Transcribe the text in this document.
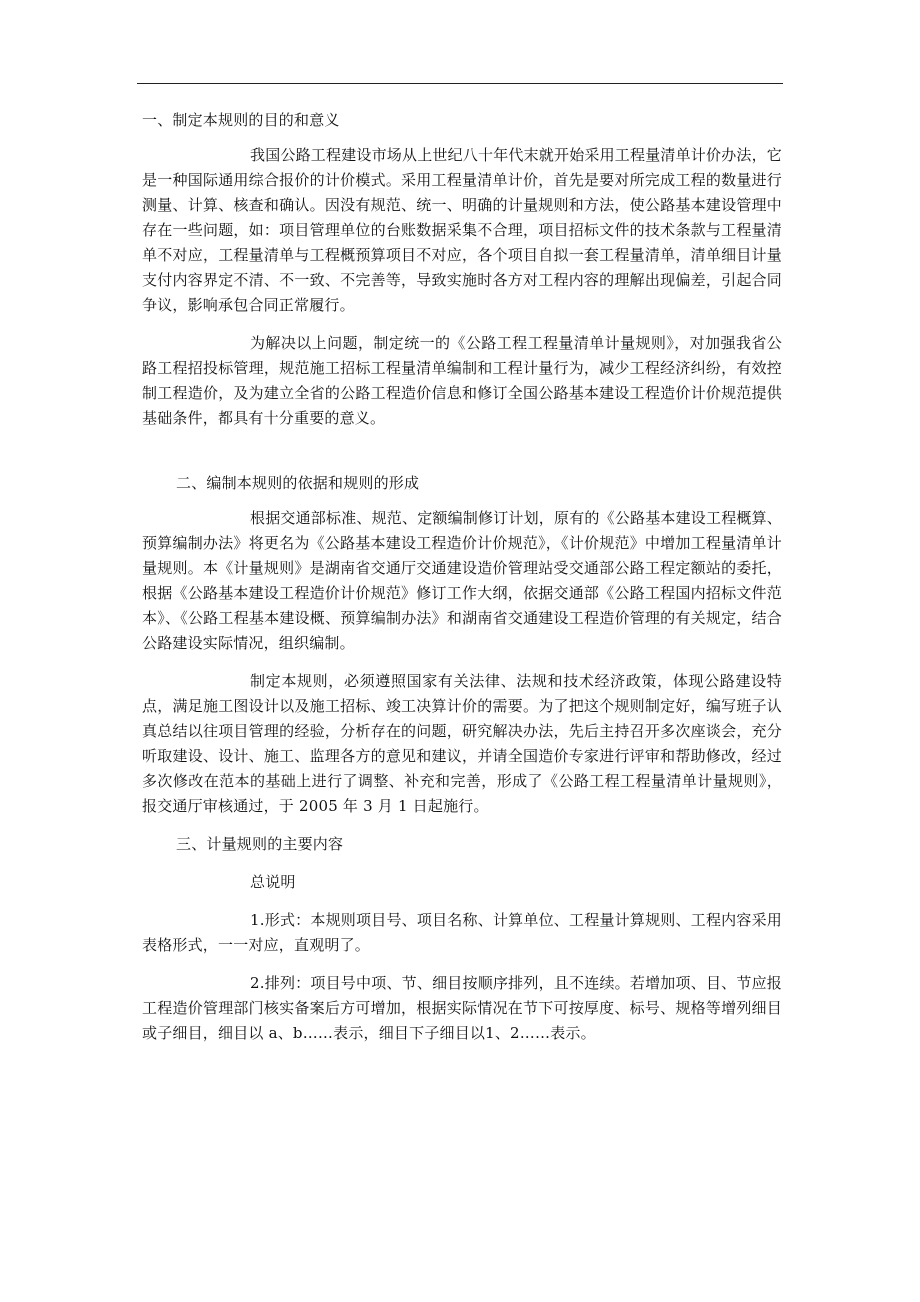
一、制定本规则的目的和意义

我国公路工程建设市场从上世纪八十年代末就开始采用工程量清单计价办法，它是一种国际通用综合报价的计价模式。采用工程量清单计价，首先是要对所完成工程的数量进行测量、计算、核查和确认。因没有规范、统一、明确的计量规则和方法，使公路基本建设管理中存在一些问题，如：项目管理单位的台账数据采集不合理，项目招标文件的技术条款与工程量清单不对应，工程量清单与工程概预算项目不对应，各个项目自拟一套工程量清单，清单细目计量支付内容界定不清、不一致、不完善等，导致实施时各方对工程内容的理解出现偏差，引起合同争议，影响承包合同正常履行。

为解决以上问题，制定统一的《公路工程工程量清单计量规则》，对加强我省公路工程招投标管理，规范施工招标工程量清单编制和工程计量行为，减少工程经济纠纷，有效控制工程造价，及为建立全省的公路工程造价信息和修订全国公路基本建设工程造价计价规范提供基础条件，都具有十分重要的意义。

二、编制本规则的依据和规则的形成

根据交通部标准、规范、定额编制修订计划，原有的《公路基本建设工程概算、预算编制办法》将更名为《公路基本建设工程造价计价规范》，《计价规范》中增加工程量清单计量规则。本《计量规则》是湖南省交通厅交通建设造价管理站受交通部公路工程定额站的委托，根据《公路基本建设工程造价计价规范》修订工作大纲，依据交通部《公路工程国内招标文件范本》、《公路工程基本建设概、预算编制办法》和湖南省交通建设工程造价管理的有关规定，结合公路建设实际情况，组织编制。

制定本规则，必须遵照国家有关法律、法规和技术经济政策，体现公路建设特点，满足施工图设计以及施工招标、竣工决算计价的需要。为了把这个规则制定好，编写班子认真总结以往项目管理的经验，分析存在的问题，研究解决办法，先后主持召开多次座谈会，充分听取建设、设计、施工、监理各方的意见和建议，并请全国造价专家进行评审和帮助修改，经过多次修改在范本的基础上进行了调整、补充和完善，形成了《公路工程工程量清单计量规则》，报交通厅审核通过，于 2005 年 3 月 1 日起施行。

三、计量规则的主要内容

总说明

1.形式：本规则项目号、项目名称、计算单位、工程量计算规则、工程内容采用表格形式，一一对应，直观明了。

2.排列：项目号中项、节、细目按顺序排列，且不连续。若增加项、目、节应报工程造价管理部门核实备案后方可增加，根据实际情况在节下可按厚度、标号、规格等增列细目或子细目，细目以 a、b……表示，细目下子细目以1、2……表示。
